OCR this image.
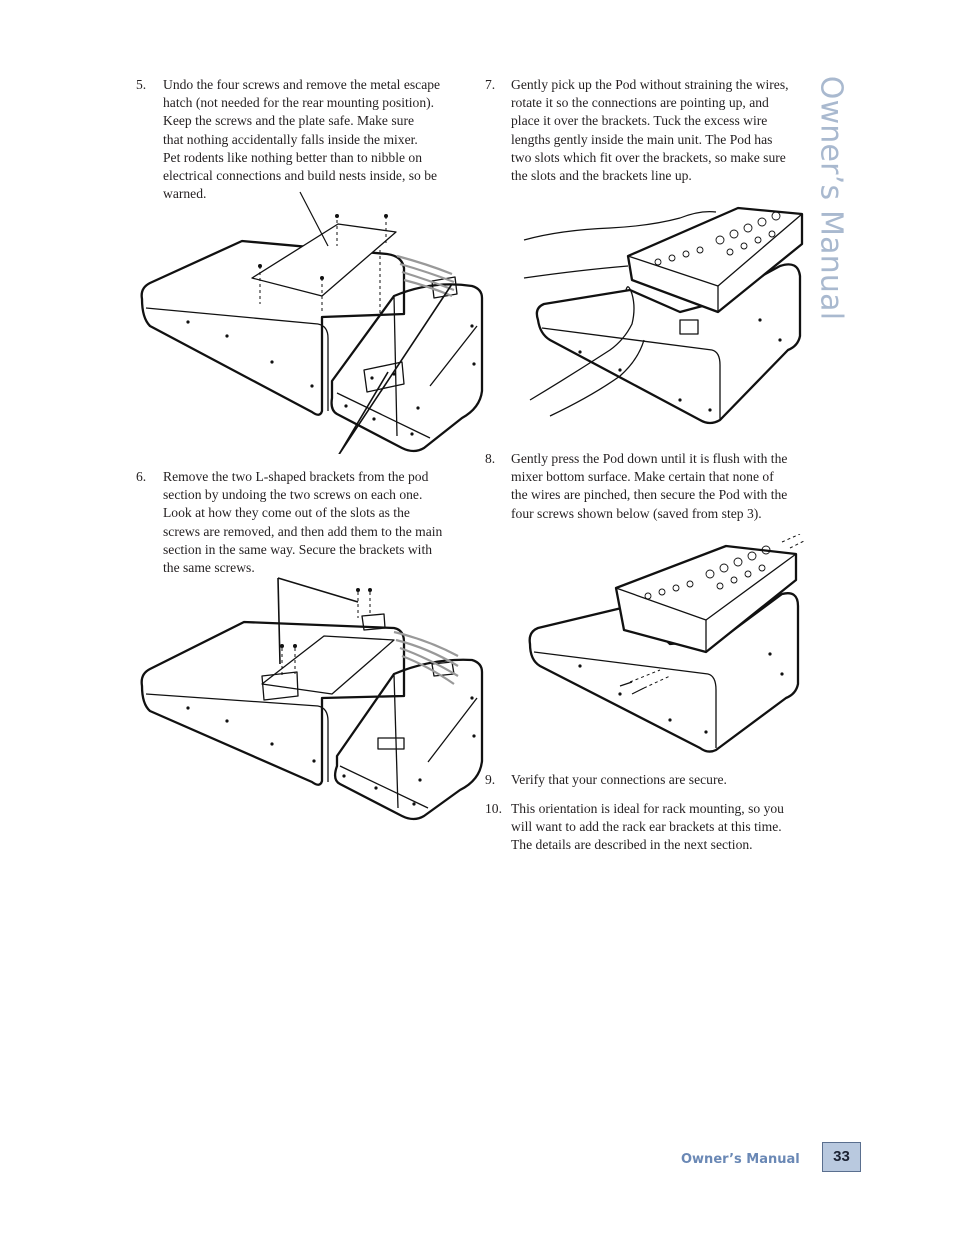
Owner’s Manual
5. Undo the four screws and remove the metal escape
hatch (not needed for the rear mounting position).
Keep the screws and the plate safe. Make sure
that nothing accidentally falls inside the mixer.
Pet rodents like nothing better than to nibble on
electrical connections and build nests inside, so be
warned.
6. Remove the two L-shaped brackets from the pod
section by undoing the two screws on each one.
Look at how they come out of the slots as the
screws are removed, and then add them to the main
section in the same way. Secure the brackets with
the same screws.
7. Gently pick up the Pod without straining the wires,
rotate it so the connections are pointing up, and
place it over the brackets. Tuck the excess wire
lengths gently inside the main unit. The Pod has
two slots which fit over the brackets, so make sure
the slots and the brackets line up.
8. Gently press the Pod down until it is flush with the
mixer bottom surface. Make certain that none of
the wires are pinched, then secure the Pod with the
four screws shown below (saved from step 3).
9. Verify that your connections are secure.
10. This orientation is ideal for rack mounting, so you
will want to add the rack ear brackets at this time.
The details are described in the next section.
Owner’s Manual	33
